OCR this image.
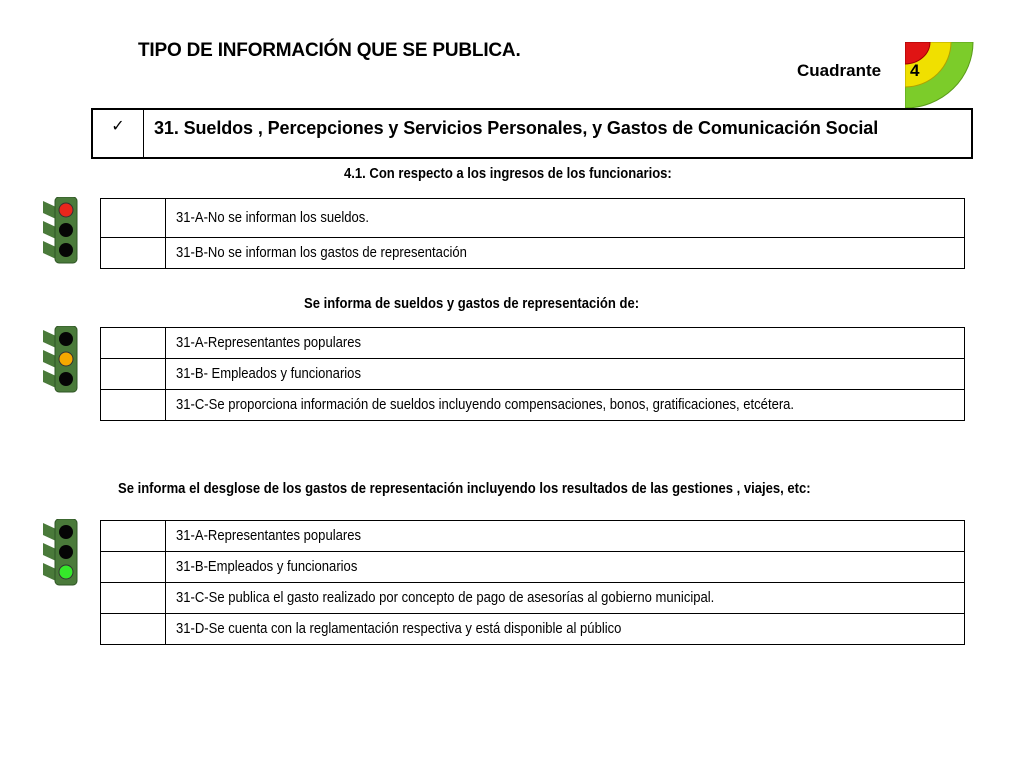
TIPO DE INFORMACIÓN QUE SE PUBLICA.
Cuadrante 4
✓	31. Sueldos , Percepciones y Servicios Personales, y Gastos de Comunicación Social
4.1. Con respecto a los ingresos de los funcionarios:
	31-A-No se informan los sueldos.
	31-B-No se informan los gastos de representación
Se informa de sueldos y gastos de representación de:
	31-A-Representantes populares
	31-B- Empleados y funcionarios
	31-C-Se proporciona información de sueldos incluyendo compensaciones, bonos, gratificaciones, etcétera.
Se informa el desglose de los gastos de representación incluyendo los resultados de las gestiones , viajes, etc:
	31-A-Representantes populares
	31-B-Empleados y funcionarios
	31-C-Se publica el gasto realizado por concepto de pago de asesorías al gobierno municipal.
	31-D-Se cuenta con la reglamentación respectiva y está disponible al público
